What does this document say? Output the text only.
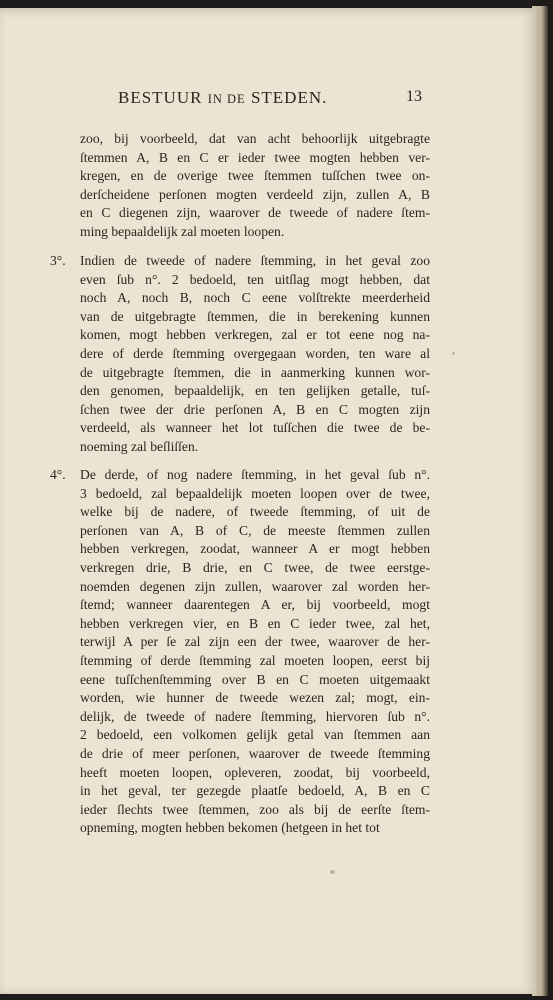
BESTUUR IN DE STEDEN.	13
zoo, bij voorbeeld, dat van acht behoorlijk uitgebragte
ſtemmen A, B en C er ieder twee mogten hebben ver-
kregen, en de overige twee ſtemmen tuſſchen twee on-
derſcheidene perſonen mogten verdeeld zijn, zullen A, B
en C diegenen zijn, waarover de tweede of nadere ſtem-
ming bepaaldelijk zal moeten loopen.
3°. Indien de tweede of nadere ſtemming, in het geval zoo
even ſub n°. 2 bedoeld, ten uitſlag mogt hebben, dat
noch A, noch B, noch C eene volſtrekte meerderheid
van de uitgebragte ſtemmen, die in berekening kunnen
komen, mogt hebben verkregen, zal er tot eene nog na-
dere of derde ſtemming overgegaan worden, ten ware al
de uitgebragte ſtemmen, die in aanmerking kunnen wor-
den genomen, bepaaldelijk, en ten gelijken getalle, tuſ-
ſchen twee der drie perſonen A, B en C mogten zijn
verdeeld, als wanneer het lot tuſſchen die twee de be-
noeming zal beſliſſen.
4°. De derde, of nog nadere ſtemming, in het geval ſub n°.
3 bedoeld, zal bepaaldelijk moeten loopen over de twee,
welke bij de nadere, of tweede ſtemming, of uit de
perſonen van A, B of C, de meeste ſtemmen zullen
hebben verkregen, zoodat, wanneer A er mogt hebben
verkregen drie, B drie, en C twee, de twee eerstge-
noemden degenen zijn zullen, waarover zal worden her-
ſtemd; wanneer daarentegen A er, bij voorbeeld, mogt
hebben verkregen vier, en B en C ieder twee, zal het,
terwijl A per ſe zal zijn een der twee, waarover de her-
ſtemming of derde ſtemming zal moeten loopen, eerst bij
eene tuſſchenſtemming over B en C moeten uitgemaakt
worden, wie hunner de tweede wezen zal; mogt, ein-
delijk, de tweede of nadere ſtemming, hiervoren ſub n°.
2 bedoeld, een volkomen gelijk getal van ſtemmen aan
de drie of meer perſonen, waarover de tweede ſtemming
heeft moeten loopen, opleveren, zoodat, bij voorbeeld,
in het geval, ter gezegde plaatſe bedoeld, A, B en C
ieder ſlechts twee ſtemmen, zoo als bij de eerſte ſtem-
opneming, mogten hebben bekomen (hetgeen in het tot
